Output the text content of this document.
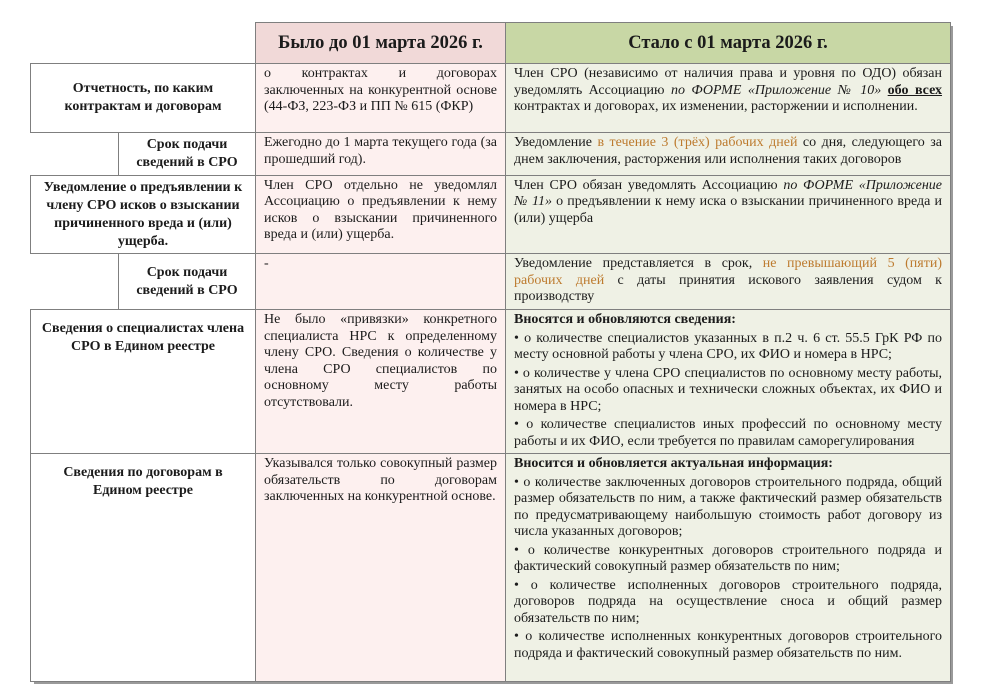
		Было до 01 марта 2026 г.	Стало с 01 марта 2026 г.
Отчетность, по каким контрактам и договорам		о контрактах и договорах заключенных на конкурентной основе (44-ФЗ, 223-ФЗ и ПП № 615 (ФКР)	Член СРО (независимо от наличия права и уровня по ОДО) обязан уведомлять Ассоциацию по ФОРМЕ «Приложение № 10» обо всех контрактах и договорах, их изменении, расторжении и исполнении.

	Срок подачи сведений в СРО	Ежегодно до 1 марта текущего года (за прошедший год).	Уведомление в течение 3 (трёх) рабочих дней со дня, следующего за днем заключения, расторжения или исполнения таких договоров

Уведомление о предъявлении к члену СРО исков о взыскании причиненного вреда и (или) ущерба.		Член СРО отдельно не уведомлял Ассоциацию о предъявлении к нему исков о взыскании причиненного вреда и (или) ущерба.	Член СРО обязан уведомлять Ассоциацию по ФОРМЕ «Приложение № 11» о предъявлении к нему иска о взыскании причиненного вреда и (или) ущерба

	Срок подачи сведений в СРО	-	Уведомление представляется в срок, не превышающий 5 (пяти) рабочих дней с даты принятия искового заявления судом к производству

Сведения о специалистах члена СРО в Едином реестре		Не было «привязки» конкретного специалиста НРС к определенному члену СРО. Сведения о количестве у члена СРО специалистов по основному месту работы отсутствовали.	Вносятся и обновляются сведения:
• о количестве специалистов указанных в п.2 ч. 6 ст. 55.5 ГрК РФ по месту основной работы у члена СРО, их ФИО и номера в НРС;
• о количестве у члена СРО специалистов по основному месту работы, занятых на особо опасных и технически сложных объектах, их ФИО и номера в НРС;
• о количестве специалистов иных профессий по основному месту работы и их ФИО, если требуется по правилам саморегулирования

Сведения по договорам в Едином реестре		Указывался только совокупный размер обязательств по договорам заключенных на конкурентной основе.	Вносится и обновляется актуальная информация:
• о количестве заключенных договоров строительного подряда, общий размер обязательств по ним, а также фактический размер обязательств по предусматривающему наибольшую стоимость работ договору из числа указанных договоров;
• о количестве конкурентных договоров строительного подряда и фактический совокупный размер обязательств по ним;
• о количестве исполненных договоров строительного подряда, договоров подряда на осуществление сноса и общий размер обязательств по ним;
• о количестве исполненных конкурентных договоров строительного подряда и фактический совокупный размер обязательств по ним.
